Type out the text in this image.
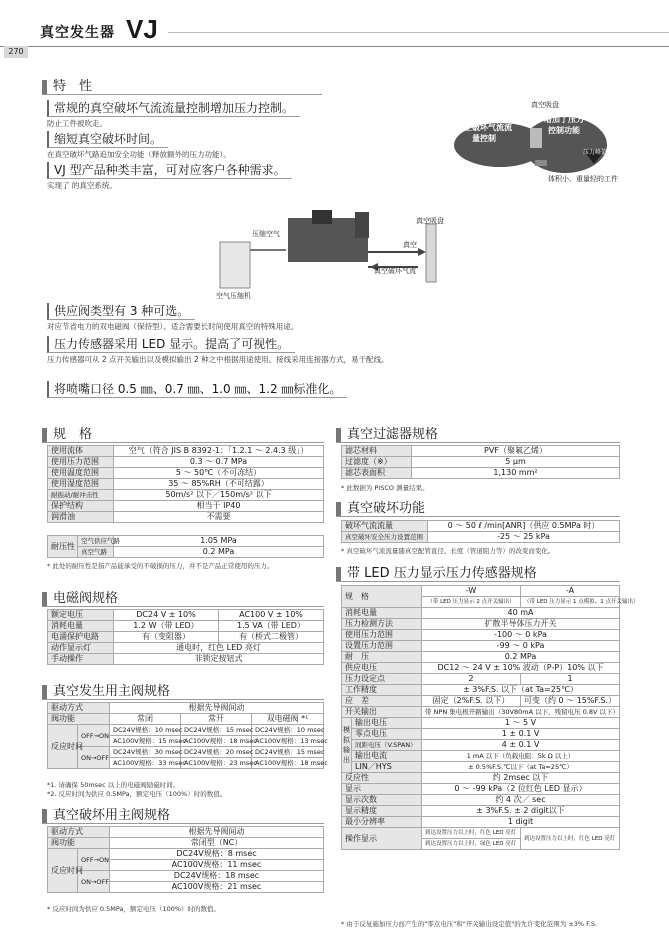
真空发生器 VJ
270
特　性
常规的真空破坏气流流量控制增加压力控制。
防止工件被吹走。
缩短真空破坏时间。
在真空破坏气路追加安全功能（释放额外的压力功能）。
VJ 型产品种类丰富，可对应客户各种需求。
实现了 的真空系统。
真空吸盘
真空破坏气流流量控制
增加了压力控制功能
压力峰值
体积小、重量轻的工件
压缩空气
真空吸盘
真空
真空破坏气流
空气压缩机
供应阀类型有 3 种可选。
对应节省电力的双电磁阀（保持型）、适合需要长时间使用真空的特殊用途。
压力传感器采用 LED 显示。提高了可视性。
压力传感器可从 2 点开关输出以及模拟输出 2 种之中根据用途使用。接线采用连接器方式，易于配线。
将喷嘴口径 0.5 ㎜、0.7 ㎜、1.0 ㎜、1.2 ㎜标准化。
规　格
使用流体	空气（符合 JIS B 8392-1：「1.2.1 ～ 2.4.3 级」）
使用压力范围	0.3 ～ 0.7 MPa
使用温度范围	5 ～ 50℃（不可冻结）
使用湿度范围	35 ～ 85%RH（不可结露）
耐振动/耐冲击性	50m/s² 以下／150m/s² 以下
保护结构	相当于 IP40
润滑油	不需要
耐压性	空气供应气路	1.05 MPa
	真空气路	0.2 MPa
* 此处的耐压性是指产品能承受的不破损的压力，并不是产品正常使用的压力。
电磁阀规格
额定电压	DC24 V ± 10%	AC100 V ± 10%
消耗电量	1.2 W（带 LED）	1.5 VA（带 LED）
电涌保护电路	有（变阻器）	有（桥式二极管）
动作显示灯	通电时，红色 LED 亮灯	
手动操作	非锁定按钮式	
真空发生用主阀规格
驱动方式		根据先导阀间动		
阀功能		常闭	常开	双电磁阀 *¹
反应时间	OFF→ON	DC24V规格：10 msec	DC24V规格：15 msec	DC24V规格：10 msec
		AC100V规格：15 msec	AC100V规格：18 msec	AC100V规格：13 msec
	ON→OFF	DC24V规格：30 msec	DC24V规格：20 msec	DC24V规格：15 msec
		AC100V规格：33 msec	AC100V规格：23 msec	AC100V规格：18 msec
*1. 请确保 50msec 以上的电磁阀励磁时间。
*2. 反应时间为供应 0.5MPa，额定电压（100%）时的数值。
真空破坏用主阀规格
驱动方式		根据先导阀间动
阀功能		常闭型（NC）
反应时间	OFF→ON	DC24V规格：8 msec
		AC100V规格：11 msec
	ON→OFF	DC24V规格：18 msec
		AC100V规格：21 msec
* 反应时间为供应 0.5MPa，额定电压（100%）时的数值。
真空过滤器规格
滤芯材料	PVF（聚氟乙烯）
过滤度（※）	5 μm
滤芯表面积	1,130 mm²
* 此数据为 PISCO 测量结果。
真空破坏功能
破坏气流流量	0 ～ 50 ℓ /min[ANR]（供应 0.5MPa 时）
真空破坏安全压力设置范围	-25 ～ 25 kPa
* 真空破坏气流流量随真空配管直径、长度（管道阻力等）的改变而变化。
带 LED 压力显示压力传感器规格
规　格		-W	-A
		（带 LED 压力显示 2 点开关输出）	（带 LED 压力显示 1 点模拟、1 点开关输出）
消耗电量		40 mA	
压力检测方法		扩散半导体压力开关	
使用压力范围		-100 ～ 0 kPa	
设置压力范围		-99 ～ 0 kPa	
耐　压		0.2 MPa	
供应电压		DC12 ～ 24 V ± 10% 波动（P-P）10% 以下	
压力设定点		2	1
工作精度		± 3%F.S. 以下（at Ta=25℃）	
应　差		固定（2%F.S. 以下）	可变（约 0 ～ 15%F.S.）
开关输出		带 NPN 集电极开路输出（30V80mA 以下，残留电压 0.8V 以下）	
模拟输出	输出电压	1 ～ 5 V	
	零点电压	1 ± 0.1 V	
	间距电压（V.SPAN）	4 ± 0.1 V	
	输出电流	1 mA 以下（负载电阻：5k Ω 以上）	
	LIN／HYS	± 0.5%F.S.℃以下（at Ta=25℃）	
反应性		约 2msec 以下	
显示		0 ～ -99 kPa（2 位红色 LED 显示）	
显示次数		约 4 次／ sec	
显示精度		± 3%F.S. ± 2 digit以下	
最小分辨率		1 digit	
操作显示		到达设置压力以上时，红色 LED 亮灯	到达设置压力以上时，红色 LED 亮灯
		到达设置压力以上时，绿色 LED 亮灯	
* 由于反复施加压力而产生的"零点电压"和"开关输出设定值"的允许变化范围为 ±3% F.S.
